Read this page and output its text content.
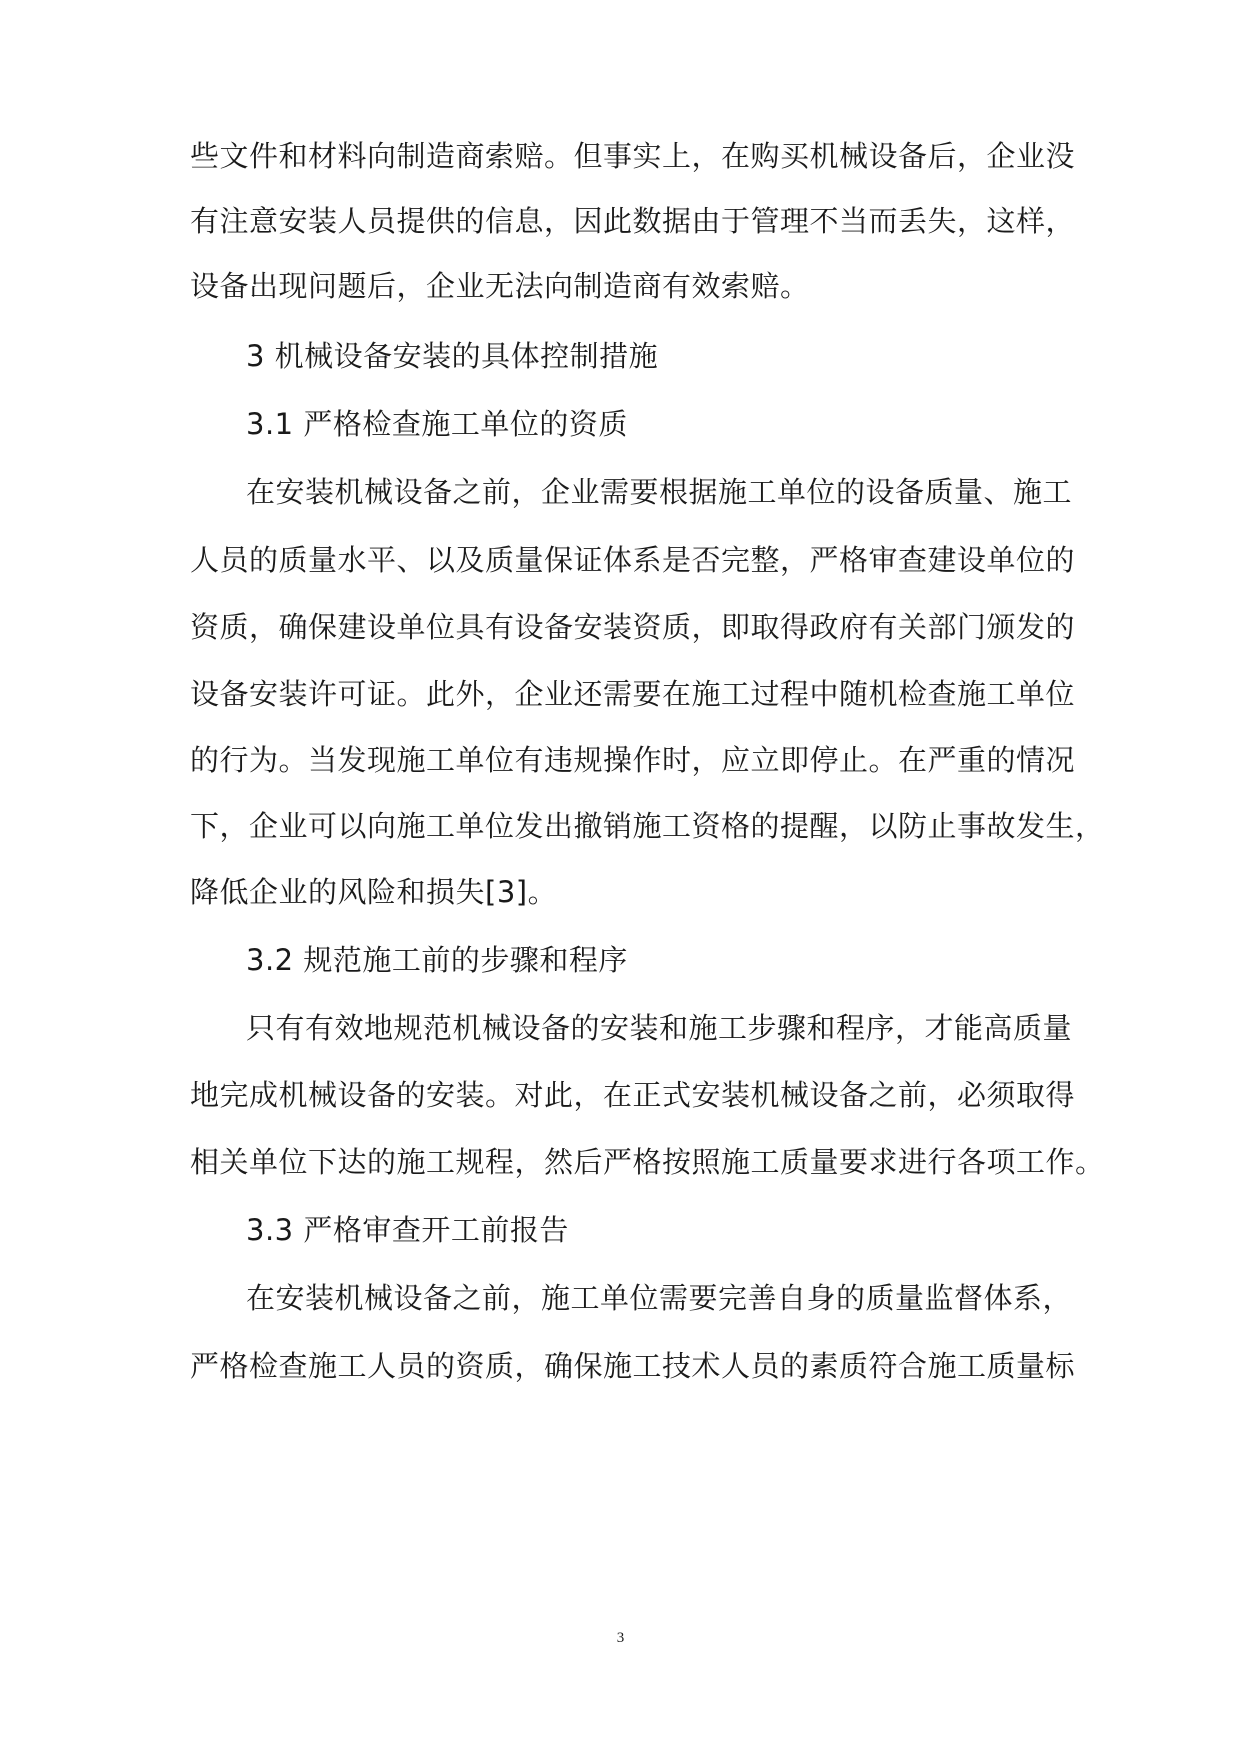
些文件和材料向制造商索赔。但事实上，在购买机械设备后，企业没
有注意安装人员提供的信息，因此数据由于管理不当而丢失，这样，
设备出现问题后，企业无法向制造商有效索赔。
3 机械设备安装的具体控制措施
3.1 严格检查施工单位的资质
在安装机械设备之前，企业需要根据施工单位的设备质量、施工
人员的质量水平、以及质量保证体系是否完整，严格审查建设单位的
资质，确保建设单位具有设备安装资质，即取得政府有关部门颁发的
设备安装许可证。此外，企业还需要在施工过程中随机检查施工单位
的行为。当发现施工单位有违规操作时，应立即停止。在严重的情况
下，企业可以向施工单位发出撤销施工资格的提醒，以防止事故发生，
降低企业的风险和损失[3]。
3.2 规范施工前的步骤和程序
只有有效地规范机械设备的安装和施工步骤和程序，才能高质量
地完成机械设备的安装。对此，在正式安装机械设备之前，必须取得
相关单位下达的施工规程，然后严格按照施工质量要求进行各项工作。
3.3 严格审查开工前报告
在安装机械设备之前，施工单位需要完善自身的质量监督体系，
严格检查施工人员的资质，确保施工技术人员的素质符合施工质量标
3
